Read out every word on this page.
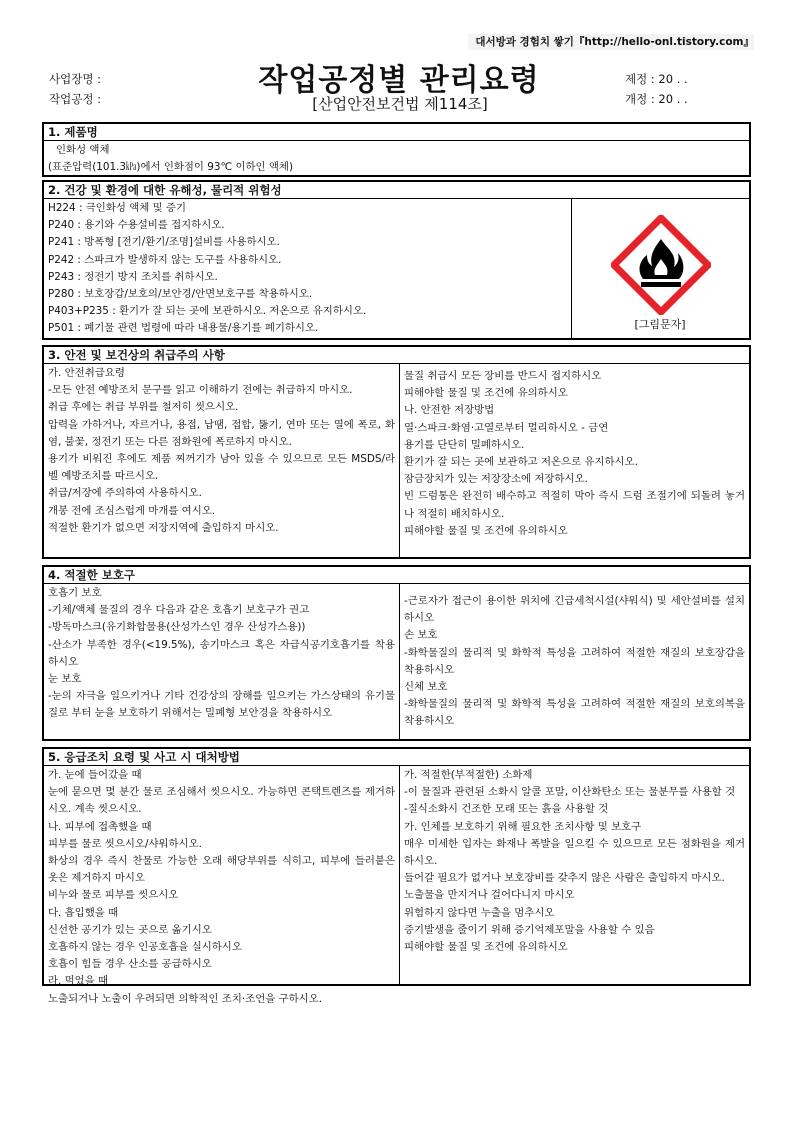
대서방과 경험치 쌓기『http://hello-onl.tistory.com』
사업장명 :
작업공정 :
작업공정별 관리요령
[산업안전보건법 제114조]
제정 : 20 . .
개정 : 20 . .
1. 제품명
인화성 액체
(표준압력(101.3㎪)에서 인화점이 93℃ 이하인 액체)
2. 건강 및 환경에 대한 유해성, 물리적 위험성
H224 : 극인화성 액체 및 증기
P240 : 용기와 수용설비를 접지하시오.
P241 : 방폭형 [전기/환기/조명]설비를 사용하시오.
P242 : 스파크가 발생하지 않는 도구를 사용하시오.
P243 : 정전기 방지 조치를 취하시오.
P280 : 보호장갑/보호의/보안경/안면보호구를 착용하시오.
P403+P235 : 환기가 잘 되는 곳에 보관하시오. 저온으로 유지하시오.
P501 : 폐기물 관련 법령에 따라 내용물/용기를 폐기하시오.	[그림문자]
3. 안전 및 보건상의 취급주의 사항
가. 안전취급요령
-모든 안전 예방조치 문구를 읽고 이해하기 전에는 취급하지 마시오.
취급 후에는 취급 부위를 철저히 씻으시오.
압력을 가하거나, 자르거나, 용접, 납땜, 접합, 뚫기, 연마 또는 열에 폭로, 화염, 불꽃, 정전기 또는 다른 점화원에 폭로하지 마시오.
용기가 비워진 후에도 제품 찌꺼기가 남아 있을 수 있으므로 모든 MSDS/라벨 예방조치를 따르시오.
취급/저장에 주의하여 사용하시오.
개봉 전에 조심스럽게 마개를 여시오.
적절한 환기가 없으면 저장지역에 출입하지 마시오.
물질 취급시 모든 장비를 반드시 접지하시오
피해야할 물질 및 조건에 유의하시오
나. 안전한 저장방법
열·스파크·화염·고열로부터 멀리하시오 - 금연
용기를 단단히 밀폐하시오.
환기가 잘 되는 곳에 보관하고 저온으로 유지하시오.
잠금장치가 있는 저장장소에 저장하시오.
빈 드럼통은 완전히 배수하고 적절히 막아 즉시 드럼 조절기에 되돌려 놓거나 적절히 배치하시오.
피해야할 물질 및 조건에 유의하시오
4. 적절한 보호구
호흡기 보호
-기체/액체 물질의 경우 다음과 같은 호흡기 보호구가 권고
-방독마스크(유기화합물용(산성가스인 경우 산성가스용))
-산소가 부족한 경우(<19.5%), 송기마스크 혹은 자급식공기호흡기를 착용하시오
눈 보호
-눈의 자극을 일으키거나 기타 건강상의 장해를 일으키는 가스상태의 유기물질로 부터 눈을 보호하기 위해서는 밀폐형 보안경을 착용하시오
-근로자가 접근이 용이한 위치에 긴급세척시설(샤워식) 및 세안설비를 설치하시오
손 보호
-화학물질의 물리적 및 화학적 특성을 고려하여 적절한 재질의 보호장갑을 착용하시오
신체 보호
-화학물질의 물리적 및 화학적 특성을 고려하여 적절한 재질의 보호의복을 착용하시오
5. 응급조치 요령 및 사고 시 대처방법
가. 눈에 들어갔을 때
눈에 묻으면 몇 분간 물로 조심해서 씻으시오. 가능하면 콘택트렌즈를 제거하시오. 계속 씻으시오.
나. 피부에 접촉했을 때
피부를 물로 씻으시오/샤워하시오.
화상의 경우 즉시 찬물로 가능한 오래 해당부위를 식히고, 피부에 들러붙은 옷은 제거하지 마시오
비누와 물로 피부를 씻으시오
다. 흡입했을 때
신선한 공기가 있는 곳으로 옮기시오
호흡하지 않는 경우 인공호흡을 실시하시오
호흡이 힘들 경우 산소를 공급하시오
라. 먹었을 때
노출되거나 노출이 우려되면 의학적인 조치·조언을 구하시오.
가. 적절한(부적절한) 소화제
-이 물질과 관련된 소화시 알콜 포말, 이산화탄소 또는 물분무를 사용할 것
-질식소화시 건조한 모래 또는 흙을 사용할 것
가. 인체를 보호하기 위해 필요한 조치사항 및 보호구
매우 미세한 입자는 화재나 폭발을 일으킬 수 있으므로 모든 점화원을 제거하시오.
들어갈 필요가 없거나 보호장비를 갖추지 않은 사람은 출입하지 마시오.
노출물을 만지거나 걸어다니지 마시오
위험하지 않다면 누출을 멈추시오
증기발생을 줄이기 위해 증기억제포말을 사용할 수 있음
피해야할 물질 및 조건에 유의하시오
